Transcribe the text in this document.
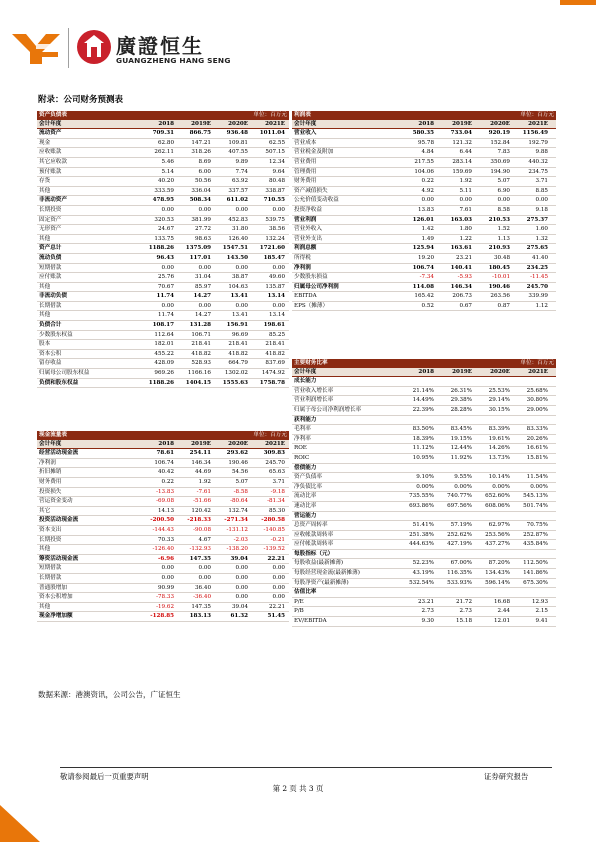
廣證恒生
GUANGZHENG HANG SENG
附录：公司财务预测表
资产负债表	单位：百万元
会计年度	2018	2019E	2020E	2021E
流动资产	709.31	866.75	936.48	1011.04
现金	62.80	147.21	109.81	62.55
应收账款	262.11	318.26	407.55	507.15
其它应收款	5.46	8.69	9.89	12.34
预付账款	5.14	6.00	7.74	9.64
存货	40.20	50.56	63.92	80.48
其他	333.59	336.04	337.57	338.87
非流动资产	478.95	508.34	611.02	710.55
长期投资	0.00	0.00	0.00	0.00
固定资产	320.53	381.99	452.83	539.75
无形资产	24.67	27.72	31.80	38.56
其他	133.75	98.63	126.40	132.24
资产总计	1188.26	1375.09	1547.51	1721.60
流动负债	96.43	117.01	143.50	185.47
短期借款	0.00	0.00	0.00	0.00
应付账款	25.76	31.04	38.87	49.60
其他	70.67	85.97	104.63	135.87
非流动负债	11.74	14.27	13.41	13.14
长期借款	0.00	0.00	0.00	0.00
其他	11.74	14.27	13.41	13.14
负债合计	108.17	131.28	156.91	198.61
少数股东权益	112.64	106.71	96.69	85.25
股本	182.01	218.41	218.41	218.41
资本公积	455.22	418.82	418.82	418.82
留存收益	428.09	528.93	664.79	837.69
归属母公司股东权益	969.26	1166.16	1302.02	1474.92
负债和股东权益	1188.26	1404.15	1555.63	1758.78
利润表	单位：百万元
会计年度	2018	2019E	2020E	2021E
营业收入	580.35	733.04	920.19	1156.49
营业成本	95.78	121.32	152.84	192.79
营业税金及附加	4.84	6.44	7.83	9.88
营业费用	217.55	283.14	350.69	440.32
管理费用	104.06	159.69	194.90	234.75
财务费用	0.22	1.92	5.07	3.71
资产减值损失	4.92	5.11	6.90	8.85
公允价值变动收益	0.00	0.00	0.00	0.00
投资净收益	13.83	7.61	8.58	9.18
营业利润	126.01	163.03	210.53	275.37
营业外收入	1.42	1.80	1.52	1.60
营业外支出	1.49	1.22	1.13	1.32
利润总额	125.94	163.61	210.93	275.65
所得税	19.20	23.21	30.48	41.40
净利润	106.74	140.41	180.45	234.25
少数股东损益	-7.34	-5.93	-10.01	-11.45
归属母公司净利润	114.08	146.34	190.46	245.70
EBITDA	165.42	206.73	263.56	339.99
EPS（摊薄）	0.52	0.67	0.87	1.12
主要财务比率	单位：百万元
会计年度	2018	2019E	2020E	2021E
成长能力
营业收入增长率	21.14%	26.31%	25.53%	25.68%
营业利润增长率	14.49%	29.38%	29.14%	30.80%
归属于母公司净利润增长率	22.39%	28.28%	30.15%	29.00%
获利能力
毛利率	83.50%	83.45%	83.39%	83.33%
净利率	18.39%	19.15%	19.61%	20.26%
ROE	11.12%	12.44%	14.26%	16.61%
ROIC	10.95%	11.92%	13.73%	15.81%
偿债能力
资产负债率	9.10%	9.55%	10.14%	11.54%
净负债比率	0.00%	0.00%	0.00%	0.00%
流动比率	735.55%	740.77%	652.60%	545.13%
速动比率	693.86%	697.56%	608.06%	501.74%
营运能力
总资产周转率	51.41%	57.19%	62.97%	70.75%
应收帐款周转率	251.38%	252.62%	253.56%	252.87%
应付帐款周转率	444.63%	427.19%	437.27%	435.84%
每股指标（元）
每股收益(最新摊薄)	52.23%	67.00%	87.20%	112.50%
每股经营现金流(最新摊薄)	43.19%	116.35%	134.43%	141.86%
每股净资产(最新摊薄)	532.54%	533.93%	596.14%	675.30%
估值比率
P/E	23.21	21.72	16.68	12.93
P/B	2.73	2.73	2.44	2.15
EV/EBITDA	9.30	15.18	12.01	9.41
现金流量表	单位：百万元
会计年度	2018	2019E	2020E	2021E
经营活动现金流	78.61	254.11	293.62	309.83
净利润	106.74	146.34	190.46	245.70
折旧摊销	40.42	44.69	54.56	65.63
财务费用	0.22	1.92	5.07	3.71
投资损失	-13.83	-7.61	-8.58	-9.18
营运资金变动	-69.08	-51.66	-80.64	-81.34
其它	14.13	120.42	132.74	85.30
投资活动现金流	-200.50	-218.33	-271.34	-280.58
资本支出	-144.43	-90.08	-131.12	-140.85
长期投资	70.33	4.67	-2.03	-0.21
其他	-126.40	-132.93	-138.20	-139.52
筹资活动现金流	-6.96	147.35	39.04	22.21
短期借款	0.00	0.00	0.00	0.00
长期借款	0.00	0.00	0.00	0.00
普通股增加	90.99	36.40	0.00	0.00
资本公积增加	-78.33	-36.40	0.00	0.00
其他	-19.62	147.35	39.04	22.21
现金净增加额	-128.85	183.13	61.32	51.45
数据来源：港澳资讯，公司公告，广证恒生
敬请参阅最后一页重要声明	证券研究报告
第 2 页 共 3 页
